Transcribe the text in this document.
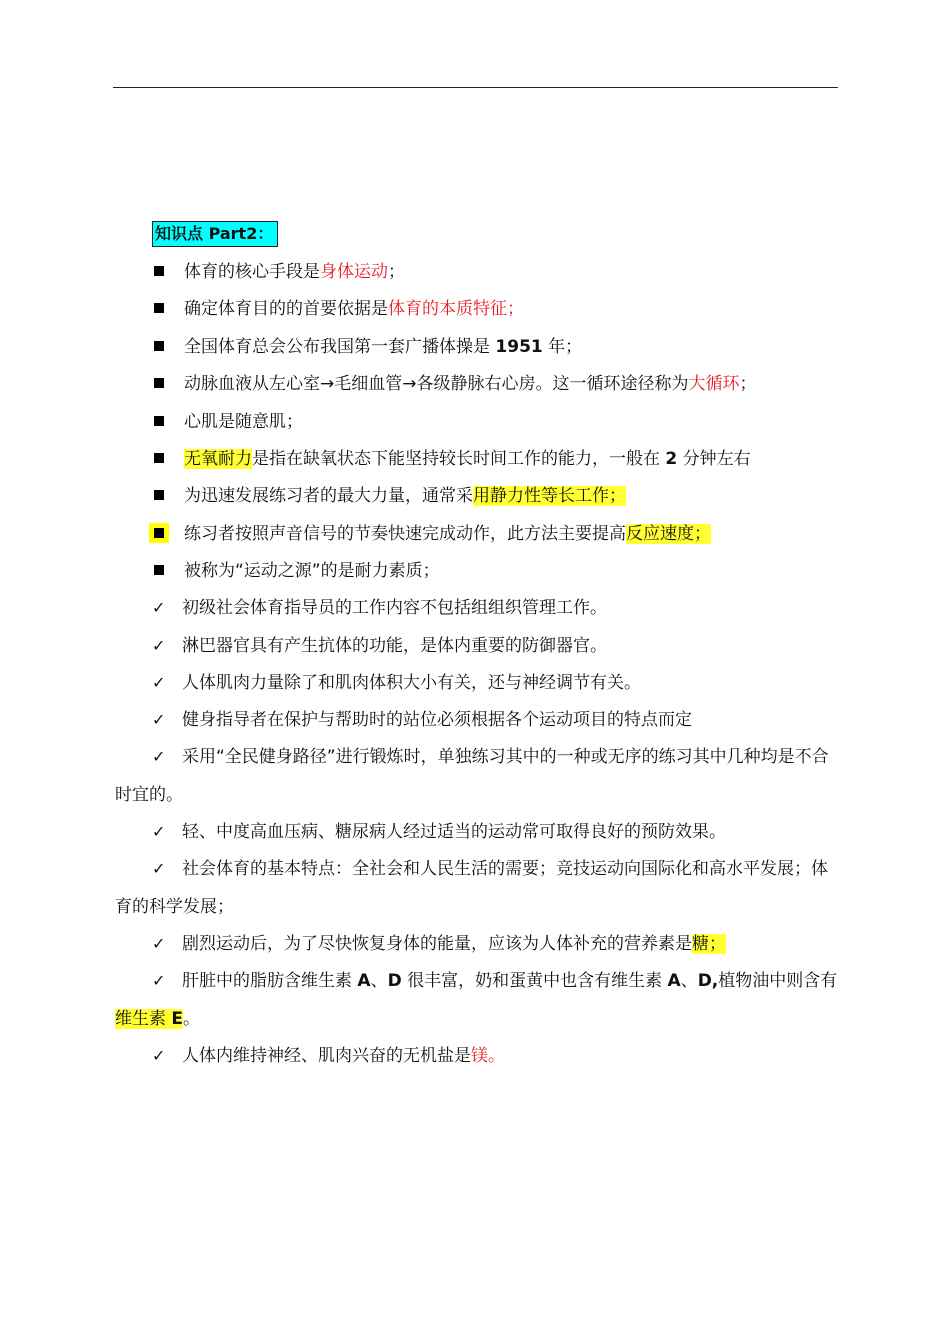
知识点 Part2：
体育的核心手段是身体运动；
确定体育目的的首要依据是体育的本质特征；
全国体育总会公布我国第一套广播体操是 1951 年；
动脉血液从左心室→毛细血管→各级静脉右心房。这一循环途径称为大循环；
心肌是随意肌；
无氧耐力是指在缺氧状态下能坚持较长时间工作的能力，一般在 2 分钟左右
为迅速发展练习者的最大力量，通常采用静力性等长工作；
练习者按照声音信号的节奏快速完成动作，此方法主要提高反应速度；
被称为“运动之源”的是耐力素质；
✓ 初级社会体育指导员的工作内容不包括组组织管理工作。
✓ 淋巴器官具有产生抗体的功能，是体内重要的防御器官。
✓ 人体肌肉力量除了和肌肉体积大小有关，还与神经调节有关。
✓ 健身指导者在保护与帮助时的站位必须根据各个运动项目的特点而定
✓ 采用“全民健身路径”进行锻炼时，单独练习其中的一种或无序的练习其中几种均是不合时宜的。
✓ 轻、中度高血压病、糖尿病人经过适当的运动常可取得良好的预防效果。
✓ 社会体育的基本特点：全社会和人民生活的需要；竞技运动向国际化和高水平发展；体育的科学发展；
✓ 剧烈运动后，为了尽快恢复身体的能量，应该为人体补充的营养素是糖；
✓ 肝脏中的脂肪含维生素 A、D 很丰富，奶和蛋黄中也含有维生素 A、D,植物油中则含有维生素 E。
✓ 人体内维持神经、肌肉兴奋的无机盐是镁。
